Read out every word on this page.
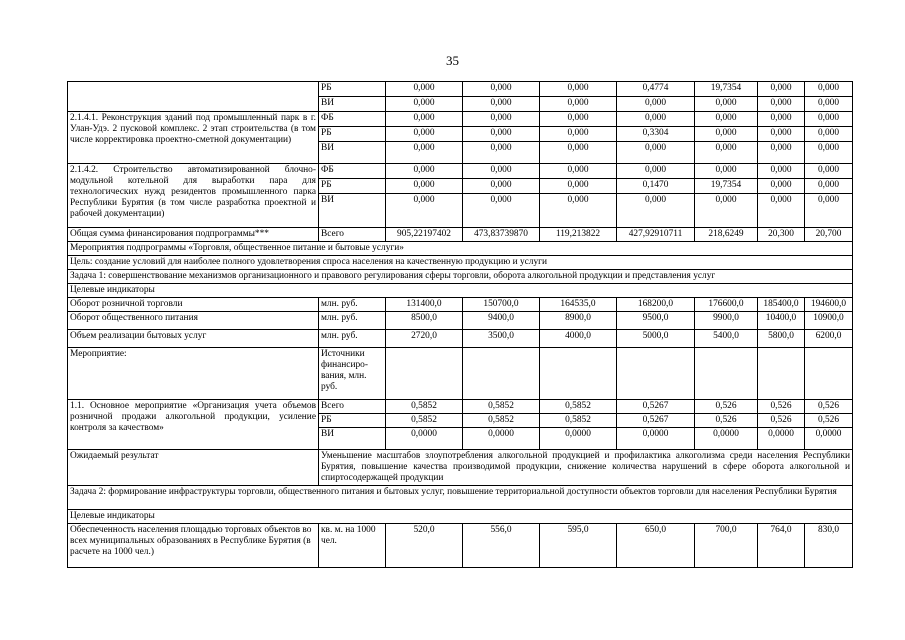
35
	РБ	0,000	0,000	0,000	0,4774	19,7354	0,000	0,000
	ВИ	0,000	0,000	0,000	0,000	0,000	0,000	0,000
2.1.4.1. Реконструкция зданий под промышленный парк в г. Улан-Удэ. 2 пусковой комплекс. 2 этап строительства (в том числе корректировка проектно-сметной документации)	ФБ	0,000	0,000	0,000	0,000	0,000	0,000	0,000
	РБ	0,000	0,000	0,000	0,3304	0,000	0,000	0,000
	ВИ	0,000	0,000	0,000	0,000	0,000	0,000	0,000
2.1.4.2. Строительство автоматизированной блочно-модульной котельной для выработки пара для технологических нужд резидентов промышленного парка Республики Бурятия (в том числе разработка проектной и рабочей документации)	ФБ	0,000	0,000	0,000	0,000	0,000	0,000	0,000
	РБ	0,000	0,000	0,000	0,1470	19,7354	0,000	0,000
	ВИ	0,000	0,000	0,000	0,000	0,000	0,000	0,000
Общая сумма финансирования подпрограммы***	Всего	905,22197402	473,83739870	119,213822	427,92910711	218,6249	20,300	20,700
Мероприятия подпрограммы «Торговля, общественное питание и бытовые услуги»								
Цель: создание условий для наиболее полного удовлетворения спроса населения на качественную продукцию и услуги								
Задача 1: совершенствование механизмов организационного и правового регулирования сферы торговли, оборота алкогольной продукции и представления услуг								
Целевые индикаторы								
Оборот розничной торговли	млн. руб.	131400,0	150700,0	164535,0	168200,0	176600,0	185400,0	194600,0
Оборот общественного питания	млн. руб.	8500,0	9400,0	8900,0	9500,0	9900,0	10400,0	10900,0
Объем реализации бытовых услуг	млн. руб.	2720,0	3500,0	4000,0	5000,0	5400,0	5800,0	6200,0
Мероприятие:	Источники финансиро-вания, млн. руб.							
1.1. Основное мероприятие «Организация учета объемов розничной продажи алкогольной продукции, усиление контроля за качеством»	Всего	0,5852	0,5852	0,5852	0,5267	0,526	0,526	0,526
	РБ	0,5852	0,5852	0,5852	0,5267	0,526	0,526	0,526
	ВИ	0,0000	0,0000	0,0000	0,0000	0,0000	0,0000	0,0000
Ожидаемый результат	Уменьшение масштабов злоупотребления алкогольной продукцией и профилактика алкоголизма среди населения Республики Бурятия, повышение качества производимой продукции, снижение количества нарушений в сфере оборота алкогольной и спиртосодержащей продукции							
Задача 2: формирование инфраструктуры торговли, общественного питания и бытовых услуг, повышение территориальной доступности объектов торговли для населения Республики Бурятия								
Целевые индикаторы								
Обеспеченность населения площадью торговых объектов во всех муниципальных образованиях в Республике Бурятия (в расчете на 1000 чел.)	кв. м. на 1000 чел.	520,0	556,0	595,0	650,0	700,0	764,0	830,0
